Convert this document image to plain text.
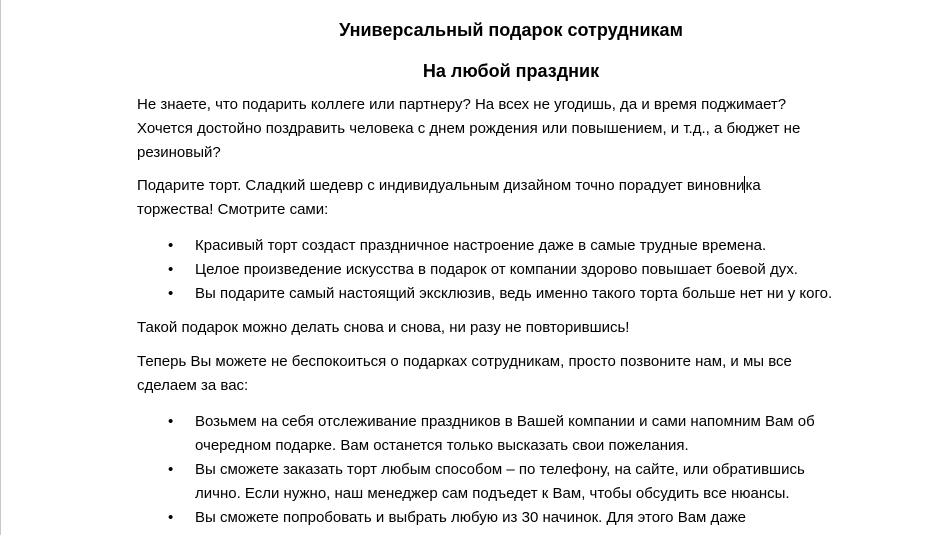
Универсальный подарок сотрудникам
На любой праздник

Не знаете, что подарить коллеге или партнеру? На всех не угодишь, да и время поджимает?
Хочется достойно поздравить человека с днем рождения или повышением, и т.д., а бюджет не
резиновый?

Подарите торт. Сладкий шедевр с индивидуальным дизайном точно порадует виновника
торжества! Смотрите сами:

• Красивый торт создаст праздничное настроение даже в самые трудные времена.
• Целое произведение искусства в подарок от компании здорово повышает боевой дух.
• Вы подарите самый настоящий эксклюзив, ведь именно такого торта больше нет ни у кого.

Такой подарок можно делать снова и снова, ни разу не повторившись!

Теперь Вы можете не беспокоиться о подарках сотрудникам, просто позвоните нам, и мы все
сделаем за вас:

• Возьмем на себя отслеживание праздников в Вашей компании и сами напомним Вам об
очередном подарке. Вам останется только высказать свои пожелания.
• Вы сможете заказать торт любым способом – по телефону, на сайте, или обратившись
лично. Если нужно, наш менеджер сам подъедет к Вам, чтобы обсудить все нюансы.
• Вы сможете попробовать и выбрать любую из 30 начинок. Для этого Вам даже
